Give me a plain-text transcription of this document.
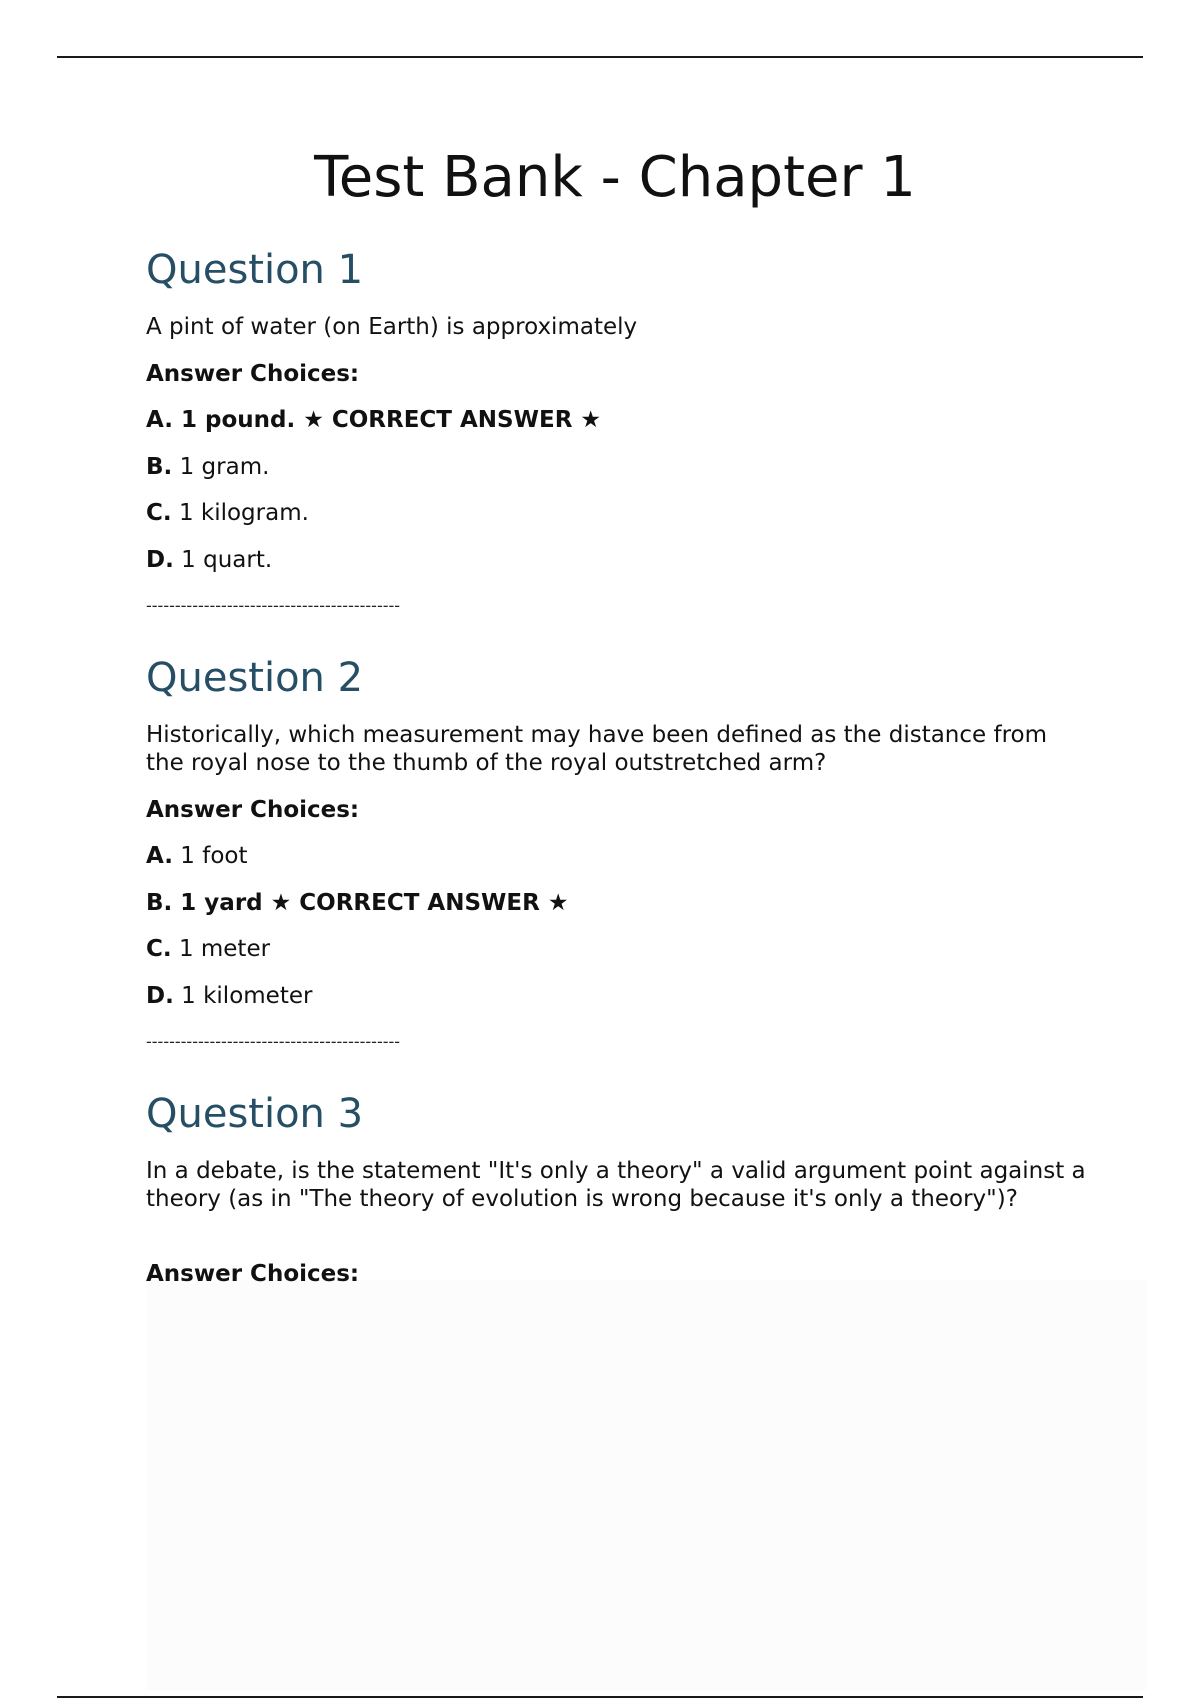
Test Bank - Chapter 1
Question 1

A pint of water (on Earth) is approximately

Answer Choices:

A. 1 pound. ★ CORRECT ANSWER ★

B. 1 gram.

C. 1 kilogram.

D. 1 quart.

--------------------------------------------

Question 2

Historically, which measurement may have been defined as the distance from the royal nose to the thumb of the royal outstretched arm?

Answer Choices:

A. 1 foot

B. 1 yard ★ CORRECT ANSWER ★

C. 1 meter

D. 1 kilometer

--------------------------------------------

Question 3

In a debate, is the statement "It's only a theory" a valid argument point against a theory (as in "The theory of evolution is wrong because it's only a theory")?

Answer Choices:
